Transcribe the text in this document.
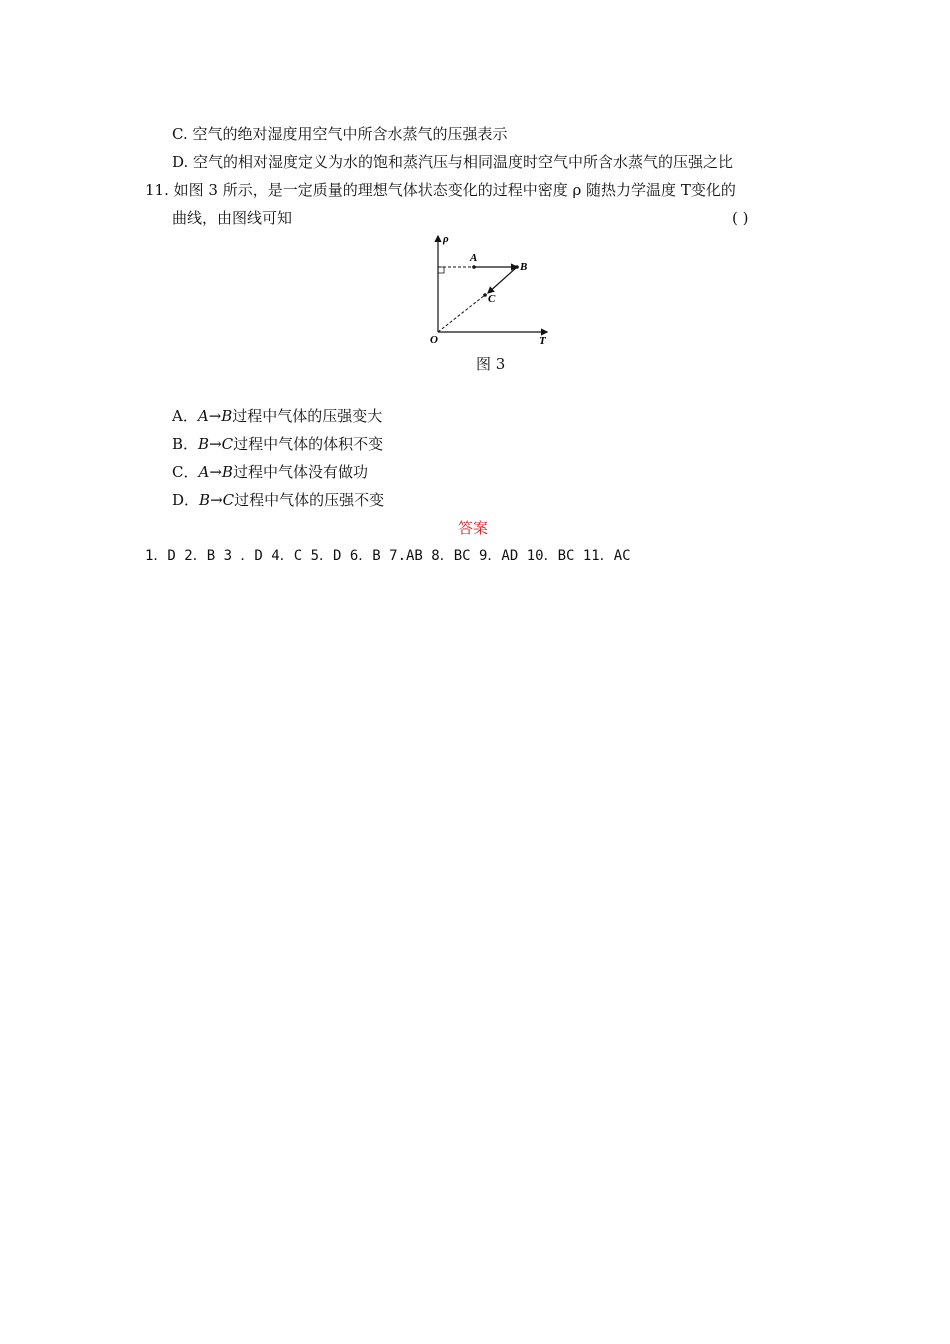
C. 空气的绝对湿度用空气中所含水蒸气的压强表示
D. 空气的相对湿度定义为水的饱和蒸汽压与相同温度时空气中所含水蒸气的压强之比
11. 如图 3 所示，是一定质量的理想气体状态变化的过程中密度 ρ 随热力学温度 T变化的
曲线，由图线可知	( )
ρ
T
O
A
B
C
图 3
A．A→B过程中气体的压强变大
B．B→C过程中气体的体积不变
C．A→B过程中气体没有做功
D．B→C过程中气体的压强不变
答案
1．D 2．B 3 ．D 4．C 5．D 6．B 7.AB 8．BC 9．AD 10．BC 11．AC
